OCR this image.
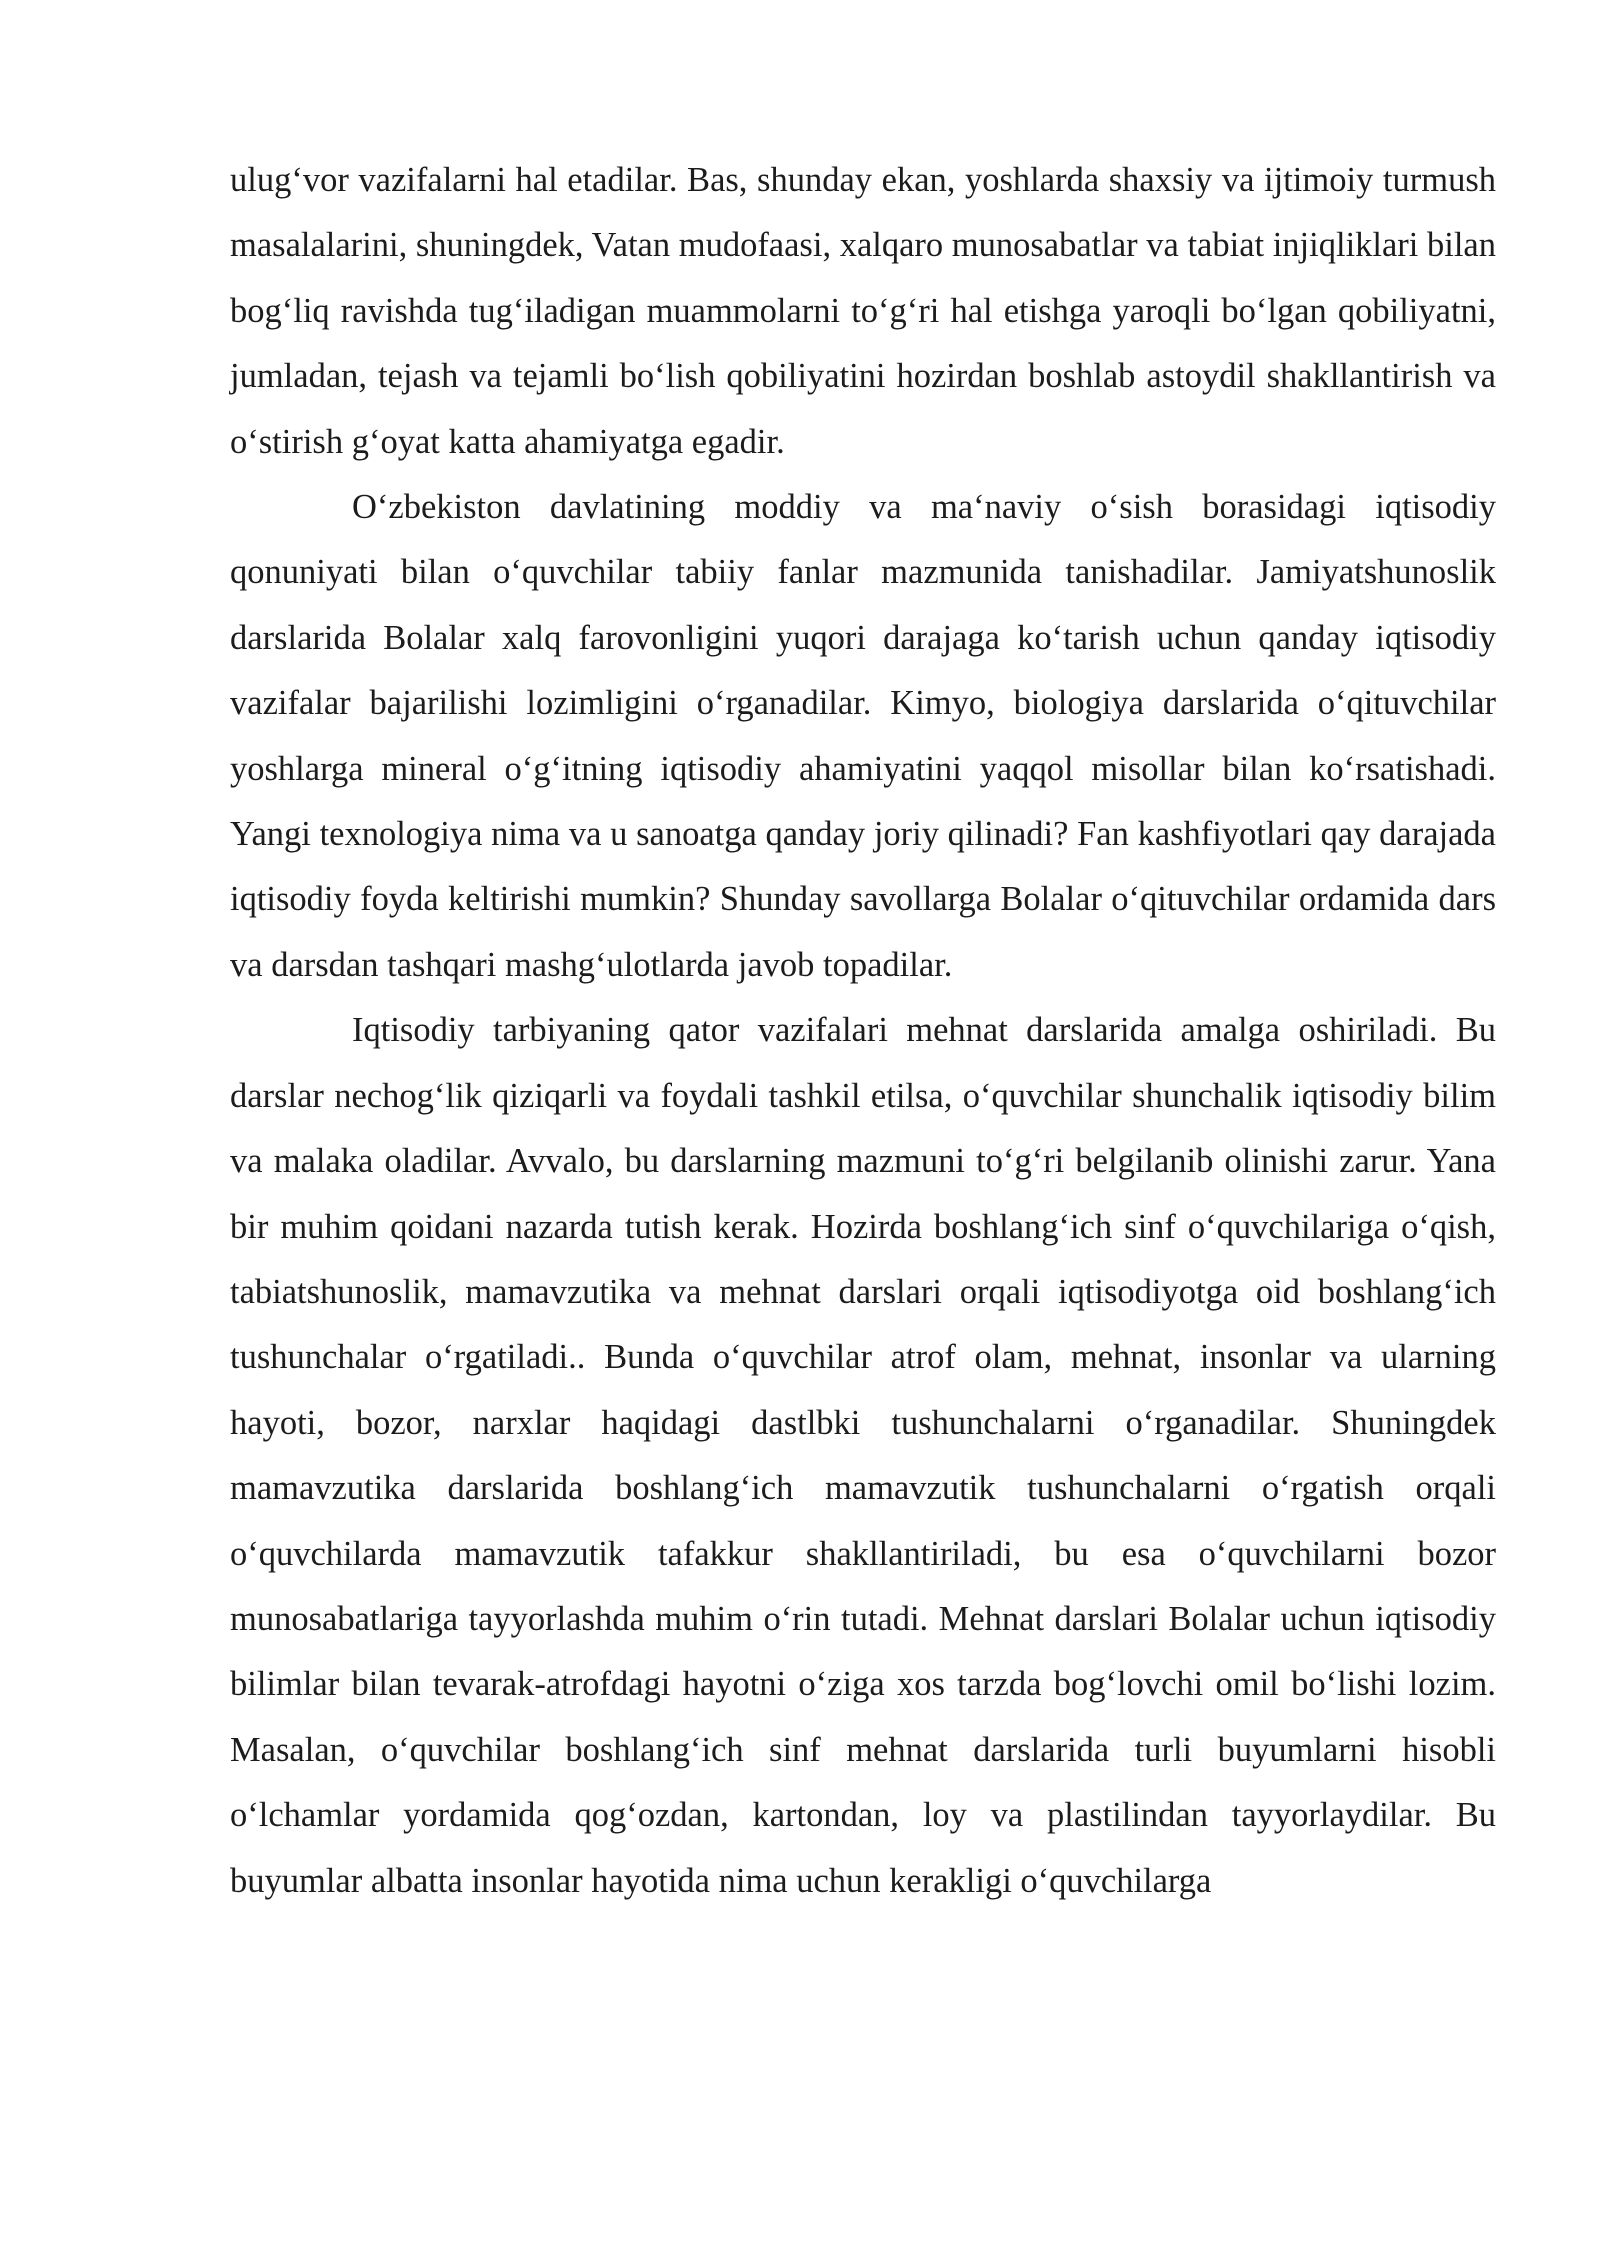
ulug‘vor vazifalarni hal etadilar. Bas, shunday ekan, yoshlarda shaxsiy va ijtimoiy turmush masalalarini, shuningdek, Vatan mudofaasi, xalqaro munosabatlar va tabiat injiqliklari bilan bog‘liq ravishda tug‘iladigan muammolarni to‘g‘ri hal etishga yaroqli bo‘lgan qobiliyatni, jumladan, tejash va tejamli bo‘lish qobiliyatini hozirdan boshlab astoydil shakllantirish va o‘stirish g‘oyat katta ahamiyatga egadir.

O‘zbekiston davlatining moddiy va ma‘naviy o‘sish borasidagi iqtisodiy qonuniyati bilan o‘quvchilar tabiiy fanlar mazmunida tanishadilar. Jamiyatshunoslik darslarida Bolalar xalq farovonligini yuqori darajaga ko‘tarish uchun qanday iqtisodiy vazifalar bajarilishi lozimligini o‘rganadilar. Kimyo, biologiya darslarida o‘qituvchilar yoshlarga mineral o‘g‘itning iqtisodiy ahamiyatini yaqqol misollar bilan ko‘rsatishadi. Yangi texnologiya nima va u sanoatga qanday joriy qilinadi? Fan kashfiyotlari qay darajada iqtisodiy foyda keltirishi mumkin? Shunday savollarga Bolalar o‘qituvchilar ordamida dars va darsdan tashqari mashg‘ulotlarda javob topadilar.

Iqtisodiy tarbiyaning qator vazifalari mehnat darslarida amalga oshiriladi. Bu darslar nechog‘lik qiziqarli va foydali tashkil etilsa, o‘quvchilar shunchalik iqtisodiy bilim va malaka oladilar. Avvalo, bu darslarning mazmuni to‘g‘ri belgilanib olinishi zarur. Yana bir muhim qoidani nazarda tutish kerak. Hozirda boshlang‘ich sinf o‘quvchilariga o‘qish, tabiatshunoslik, mamavzutika va mehnat darslari orqali iqtisodiyotga oid boshlang‘ich tushunchalar o‘rgatiladi.. Bunda o‘quvchilar atrof olam, mehnat, insonlar va ularning hayoti, bozor, narxlar haqidagi dastlbki tushunchalarni o‘rganadilar. Shuningdek mamavzutika darslarida boshlang‘ich mamavzutik tushunchalarni o‘rgatish orqali o‘quvchilarda mamavzutik tafakkur shakllantiriladi, bu esa o‘quvchilarni bozor munosabatlariga tayyorlashda muhim o‘rin tutadi. Mehnat darslari Bolalar uchun iqtisodiy bilimlar bilan tevarak-atrofdagi hayotni o‘ziga xos tarzda bog‘lovchi omil bo‘lishi lozim. Masalan, o‘quvchilar boshlang‘ich sinf mehnat darslarida turli buyumlarni hisobli o‘lchamlar yordamida qog‘ozdan, kartondan, loy va plastilindan tayyorlaydilar. Bu buyumlar albatta insonlar hayotida nima uchun kerakligi o‘quvchilarga
